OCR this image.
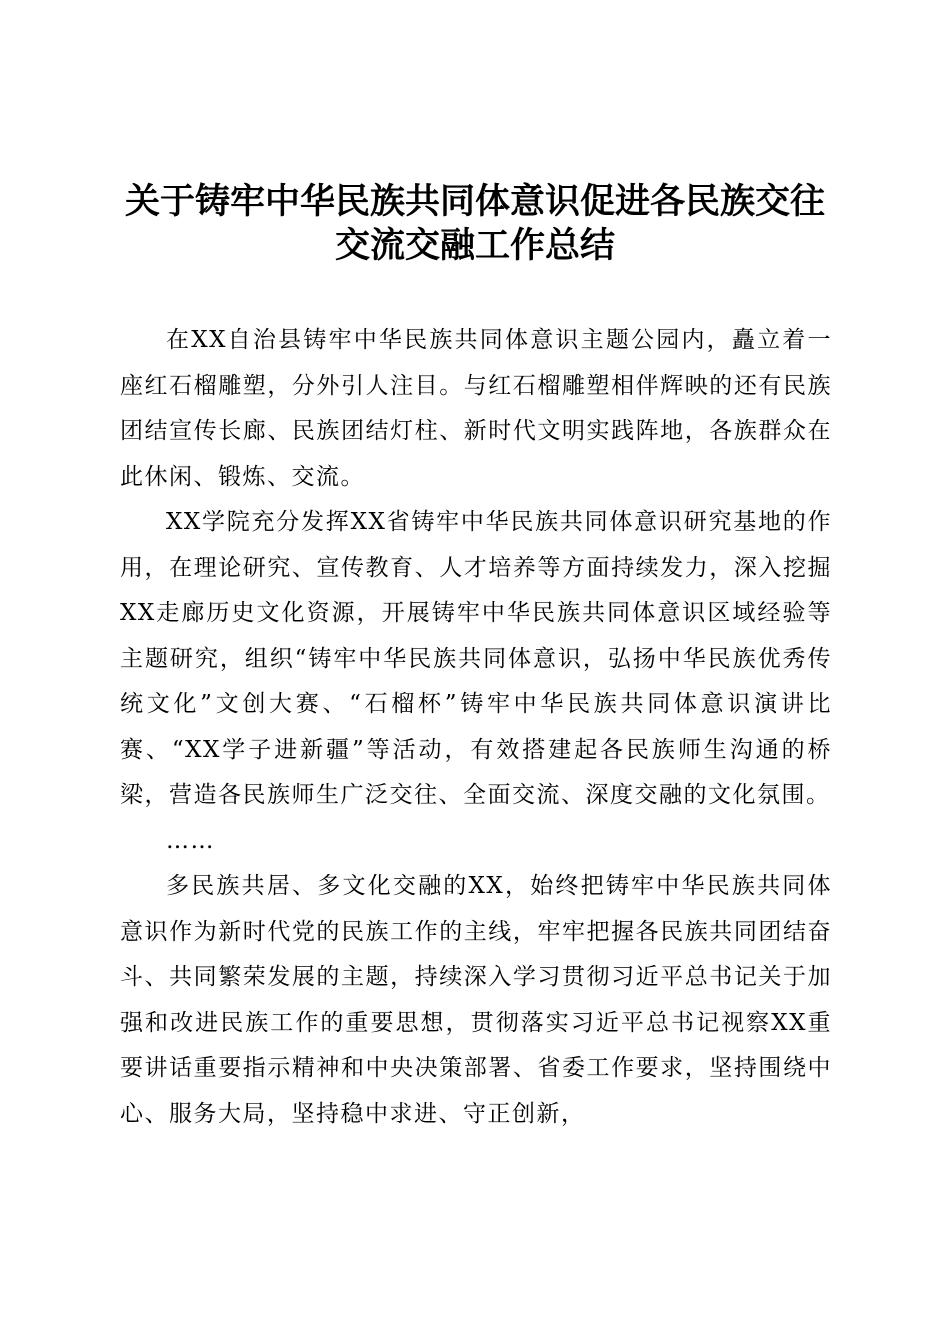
关于铸牢中华民族共同体意识促进各民族交往
交流交融工作总结

在XX自治县铸牢中华民族共同体意识主题公园内，矗立着一座红石榴雕塑，分外引人注目。与红石榴雕塑相伴辉映的还有民族团结宣传长廊、民族团结灯柱、新时代文明实践阵地，各族群众在此休闲、锻炼、交流。

XX学院充分发挥XX省铸牢中华民族共同体意识研究基地的作用，在理论研究、宣传教育、人才培养等方面持续发力，深入挖掘XX走廊历史文化资源，开展铸牢中华民族共同体意识区域经验等主题研究，组织“铸牢中华民族共同体意识，弘扬中华民族优秀传统文化”文创大赛、“石榴杯”铸牢中华民族共同体意识演讲比赛、“XX学子进新疆”等活动，有效搭建起各民族师生沟通的桥梁，营造各民族师生广泛交往、全面交流、深度交融的文化氛围。

……

多民族共居、多文化交融的XX，始终把铸牢中华民族共同体意识作为新时代党的民族工作的主线，牢牢把握各民族共同团结奋斗、共同繁荣发展的主题，持续深入学习贯彻习近平总书记关于加强和改进民族工作的重要思想，贯彻落实习近平总书记视察XX重要讲话重要指示精神和中央决策部署、省委工作要求，坚持围绕中心、服务大局，坚持稳中求进、守正创新，
